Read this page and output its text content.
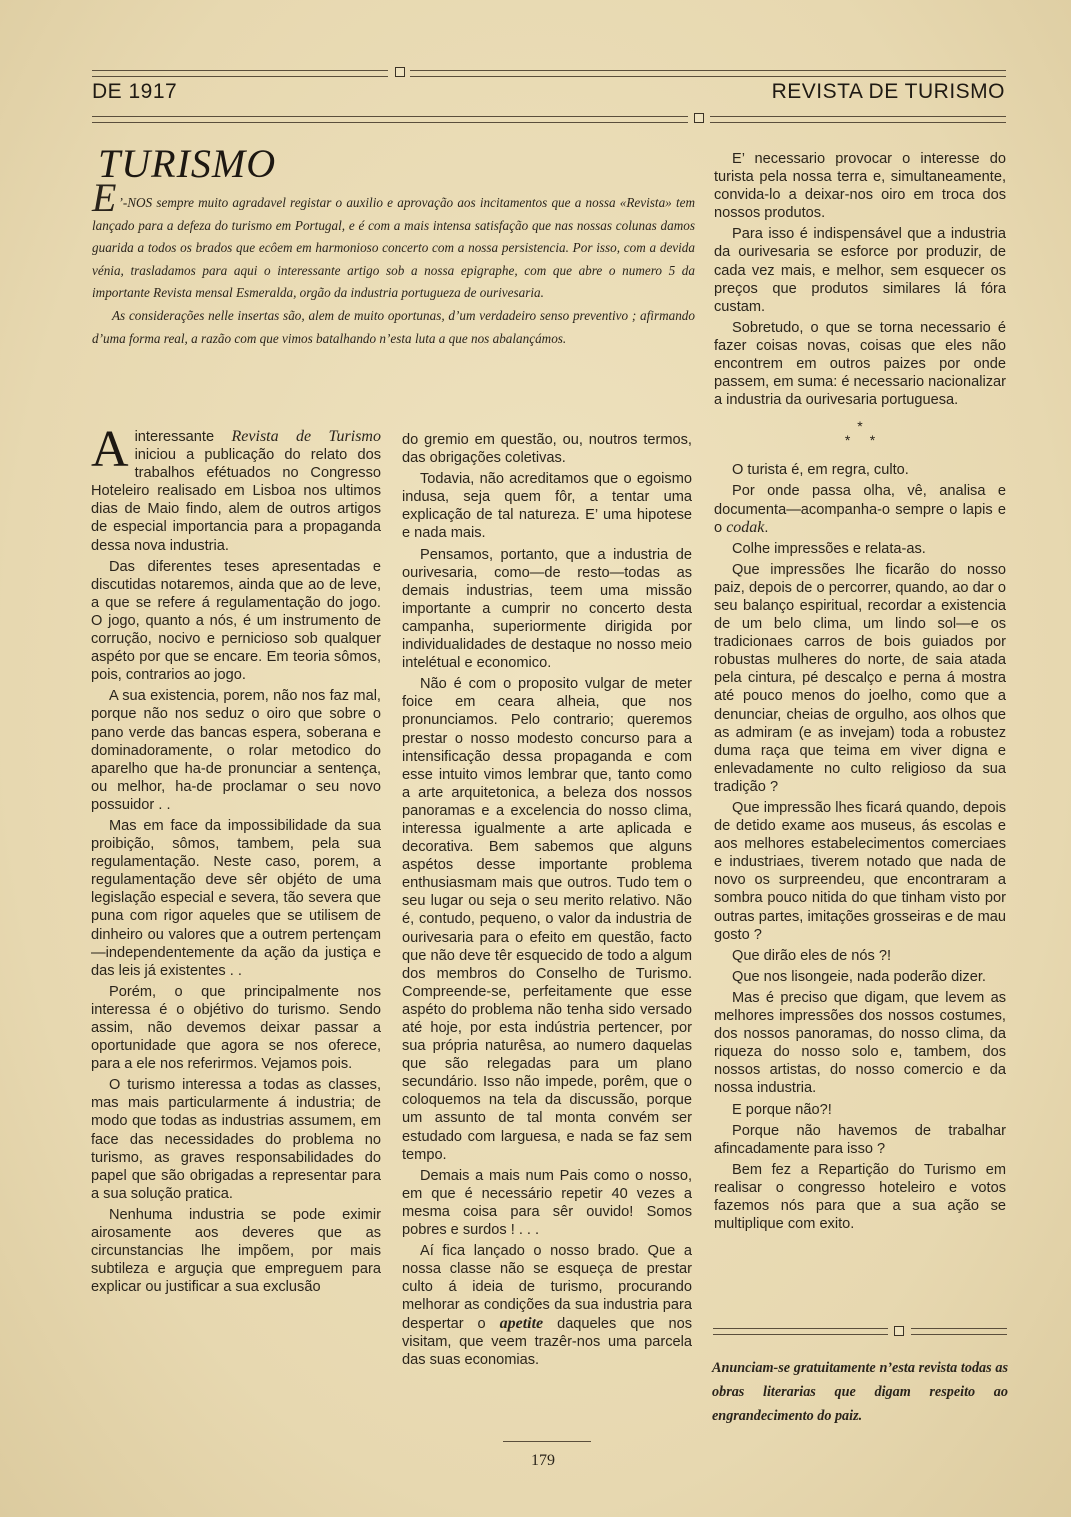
DE 1917	REVISTA DE TURISMO
TURISMO

E ’-NOS sempre muito agradavel registar o auxilio e aprovação aos incitamentos que a nossa «Revista» tem lançado para a defeza do turismo em Portugal, e é com a mais intensa satisfação que nas nossas colunas damos guarida a todos os brados que ecôem em harmonioso concerto com a nossa persistencia. Por isso, com a devida vénia, trasladamos para aqui o interessante artigo sob a nossa epigraphe, com que abre o numero 5 da importante Revista mensal Esmeralda, orgão da industria portugueza de ourivesaria.

As considerações nelle insertas são, alem de muito oportunas, d’um verdadeiro senso preventivo ; afirmando d’uma forma real, a razão com que vimos batalhando n’esta luta a que nos abalançámos.

Ainteressante Revista de Turismo iniciou a publicação do relato dos trabalhos efétuados no Congresso Hoteleiro realisado em Lisboa nos ultimos dias de Maio findo, alem de outros artigos de especial importancia para a propaganda dessa nova industria.

Das diferentes teses apresentadas e discutidas notaremos, ainda que ao de leve, a que se refere á regulamentação do jogo. O jogo, quanto a nós, é um instrumento de corrução, nocivo e pernicioso sob qualquer aspéto por que se encare. Em teoria sômos, pois, contrarios ao jogo.

A sua existencia, porem, não nos faz mal, porque não nos seduz o oiro que sobre o pano verde das bancas espera, soberana e dominadoramente, o rolar metodico do aparelho que ha-de pronunciar a sentença, ou melhor, ha-de proclamar o seu novo possuidor . .

Mas em face da impossibilidade da sua proibição, sômos, tambem, pela sua regulamentação. Neste caso, porem, a regulamentação deve sêr objéto de uma legislação especial e severa, tão severa que puna com rigor aqueles que se utilisem de dinheiro ou valores que a outrem pertençam—independentemente da ação da justiça e das leis já existentes . .

Porém, o que principalmente nos interessa é o objétivo do turismo. Sendo assim, não devemos deixar passar a oportunidade que agora se nos oferece, para a ele nos referirmos. Vejamos pois.

O turismo interessa a todas as classes, mas mais particularmente á industria; de modo que todas as industrias assumem, em face das necessidades do problema no turismo, as graves responsabilidades do papel que são obrigadas a representar para a sua solução pratica.

Nenhuma industria se pode eximir airosamente aos deveres que as circunstancias lhe impõem, por mais subtileza e arguçia que empreguem para explicar ou justificar a sua exclusão

do gremio em questão, ou, noutros termos, das obrigações coletivas.

Todavia, não acreditamos que o egoismo indusa, seja quem fôr, a tentar uma explicação de tal natureza. E’ uma hipotese e nada mais.

Pensamos, portanto, que a industria de ourivesaria, como—de resto—todas as demais industrias, teem uma missão importante a cumprir no concerto desta campanha, superiormente dirigida por individualidades de destaque no nosso meio intelétual e economico.

Não é com o proposito vulgar de meter foice em ceara alheia, que nos pronunciamos. Pelo contrario; queremos prestar o nosso modesto concurso para a intensificação dessa propaganda e com esse intuito vimos lembrar que, tanto como a arte arquitetonica, a beleza dos nossos panoramas e a excelencia do nosso clima, interessa igualmente a arte aplicada e decorativa. Bem sabemos que alguns aspétos desse importante problema enthusiasmam mais que outros. Tudo tem o seu lugar ou seja o seu merito relativo. Não é, contudo, pequeno, o valor da industria de ourivesaria para o efeito em questão, facto que não deve têr esquecido de todo a algum dos membros do Conselho de Turismo. Compreende-se, perfeitamente que esse aspéto do problema não tenha sido versado até hoje, por esta indústria pertencer, por sua própria naturêsa, ao numero daquelas que são relegadas para um plano secundário. Isso não impede, porêm, que o coloquemos na tela da discussão, porque um assunto de tal monta convém ser estudado com larguesa, e nada se faz sem tempo.

Demais a mais num Pais como o nosso, em que é necessário repetir 40 vezes a mesma coisa para sêr ouvido! Somos pobres e surdos ! . . .

Aí fica lançado o nosso brado. Que a nossa classe não se esqueça de prestar culto á ideia de turismo, procurando melhorar as condições da sua industria para despertar o apetite daqueles que nos visitam, que veem trazêr-nos uma parcela das suas economias.

E’ necessario provocar o interesse do turista pela nossa terra e, simultaneamente, convida-lo a deixar-nos oiro em troca dos nossos produtos.

Para isso é indispensável que a industria da ourivesaria se esforce por produzir, de cada vez mais, e melhor, sem esquecer os preços que produtos similares lá fóra custam.

Sobretudo, o que se torna necessario é fazer coisas novas, coisas que eles não encontrem em outros paizes por onde passem, em suma: é necessario nacionalizar a industria da ourivesaria portuguesa.

*
*     *

O turista é, em regra, culto.

Por onde passa olha, vê, analisa e documenta—acompanha-o sempre o lapis e o codak.

Colhe impressões e relata-as.

Que impressões lhe ficarão do nosso paiz, depois de o percorrer, quando, ao dar o seu balanço espiritual, recordar a existencia de um belo clima, um lindo sol—e os tradicionaes carros de bois guiados por robustas mulheres do norte, de saia atada pela cintura, pé descalço e perna á mostra até pouco menos do joelho, como que a denunciar, cheias de orgulho, aos olhos que as admiram (e as invejam) toda a robustez duma raça que teima em viver digna e enlevadamente no culto religioso da sua tradição ?

Que impressão lhes ficará quando, depois de detido exame aos museus, ás escolas e aos melhores estabelecimentos comerciaes e industriaes, tiverem notado que nada de novo os surpreendeu, que encontraram a sombra pouco nitida do que tinham visto por outras partes, imitações grosseiras e de mau gosto ?

Que dirão eles de nós ?!

Que nos lisongeie, nada poderão dizer.

Mas é preciso que digam, que levem as melhores impressões dos nossos costumes, dos nossos panoramas, do nosso clima, da riqueza do nosso solo e, tambem, dos nossos artistas, do nosso comercio e da nossa industria.

E porque não?!

Porque não havemos de trabalhar afincadamente para isso ?

Bem fez a Repartição do Turismo em realisar o congresso hoteleiro e votos fazemos nós para que a sua ação se multiplique com exito.

Anunciam-se gratuitamente n’esta revista todas as obras literarias que digam respeito ao engrandecimento do paiz.
179
